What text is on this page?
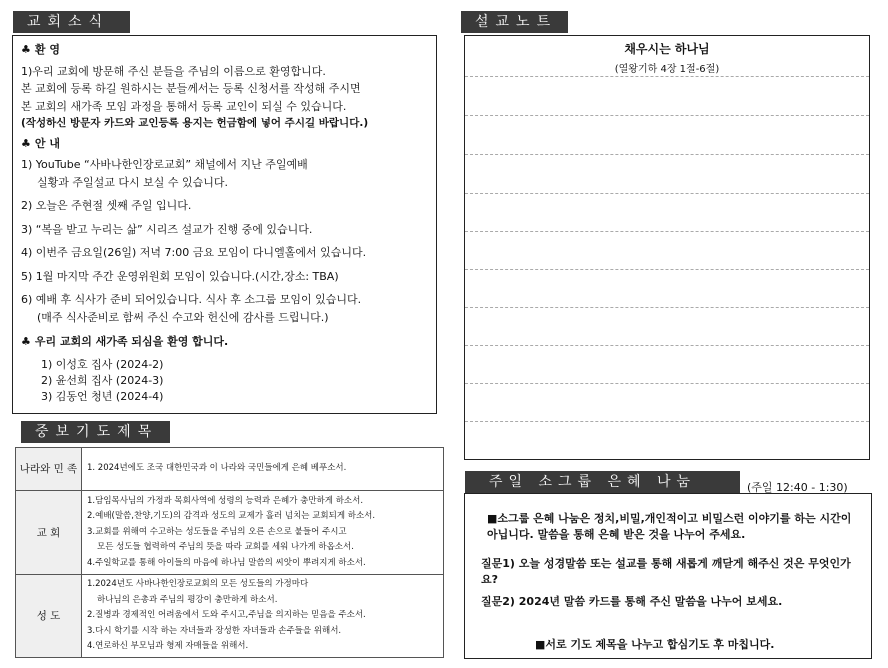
교회소식
♣ 환 영

1)우리 교회에 방문해 주신 분들을 주님의 이름으로 환영합니다.

본 교회에 등록 하길 원하시는 분들께서는 등록 신청서를 작성해 주시면

본 교회의 새가족 모임 과정을 통해서 등록 교인이 되실 수 있습니다.

(작성하신 방문자 카드와 교인등록 용지는 헌금함에 넣어 주시길 바랍니다.)

♣ 안 내

1) YouTube “사바나한인장로교회” 채널에서 지난 주일예배

실황과 주일설교 다시 보실 수 있습니다.

2) 오늘은 주현절 셋째 주일 입니다.

3) “복을 받고 누리는 삶” 시리즈 설교가 진행 중에 있습니다.

4) 이번주 금요일(26일) 저녁 7:00 금요 모임이 다니엘홀에서 있습니다.

5) 1월 마지막 주간 운영위원회 모임이 있습니다.(시간,장소: TBA)

6) 예배 후 식사가 준비 되어있습니다. 식사 후 소그룹 모임이 있습니다.

(매주 식사준비로 함써 주신 수고와 헌신에 감사를 드립니다.)

♣ 우리 교회의 새가족 되심을 환영 합니다.

1) 이성호 집사 (2024-2)

2) 윤선희 집사 (2024-3)

3) 김동언 청년 (2024-4)

중보기도제목
나라와 민 족	1. 2024년에도 조국 대한민국과 이 나라와 국민들에게 은혜 베푸소서.

교 회	1.담임목사님의 가정과 목회사역에 성령의 능력과 은혜가 충만하게 하소서.
2.예배(말씀,찬양,기도)의 감격과 성도의 교제가 흘러 넘치는 교회되게 하소서.
3.교회를 위해여 수고하는 성도들을 주님의 오른 손으로 붙들어 주시고
모든 성도들 협력하여 주님의 뜻을 따라 교회를 세워 나가게 하옵소서.
4.주일학교를 통해 아이들의 마음에 하나님 말씀의 씨앗이 뿌려지게 하소서.

성 도	1.2024년도 사바나한인장로교회의 모든 성도들의 가정마다
하나님의 은총과 주님의 평강이 충만하게 하소서.
2.질병과 경제적인 어려움에서 도와 주시고,주님을 의지하는 믿음을 주소서.
3.다시 학기를 시작 하는 자녀들과 장성한 자녀들과 손주들을 위해서.
4.연로하신 부모님과 형제 자매들을 위해서.
설교노트
채우시는 하나님
(열왕기하 4장 1절-6절)
주일 소그룹 은혜 나눔	(주일 12:40 - 1:30)

■소그룹 은혜 나눔은 정치,비밀,개인적이고 비밀스런 이야기를 하는 시간이 아닙니다. 말씀을 통해 은혜 받은 것을 나누어 주세요.

질문1) 오늘 성경말씀 또는 설교를 통해 새롭게 깨닫게 해주신 것은 무엇인가요?

질문2) 2024년 말씀 카드를 통해 주신 말씀을 나누어 보세요.

■서로 기도 제목을 나누고 합심기도 후 마칩니다.
